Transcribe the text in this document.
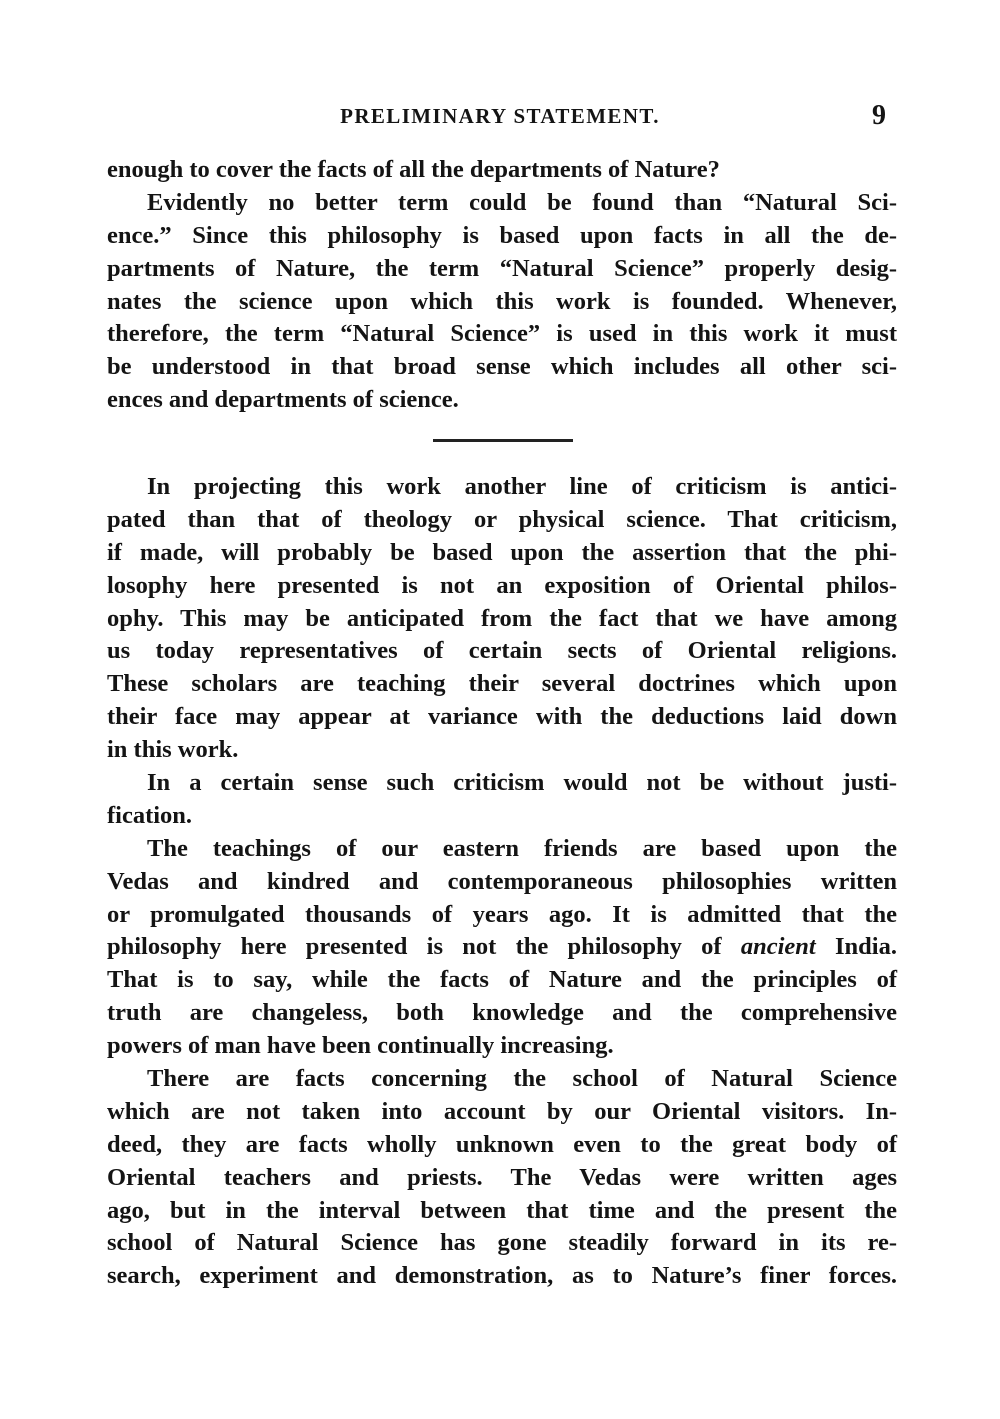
PRELIMINARY STATEMENT.	9
enough to cover the facts of all the departments of Nature?
Evidently no better term could be found than “Natural Sci-
ence.” Since this philosophy is based upon facts in all the de-
partments of Nature, the term “Natural Science” properly desig-
nates the science upon which this work is founded. Whenever,
therefore, the term “Natural Science” is used in this work it must
be understood in that broad sense which includes all other sci-
ences and departments of science.
In projecting this work another line of criticism is antici-
pated than that of theology or physical science. That criticism,
if made, will probably be based upon the assertion that the phi-
losophy here presented is not an exposition of Oriental philos-
ophy. This may be anticipated from the fact that we have among
us today representatives of certain sects of Oriental religions.
These scholars are teaching their several doctrines which upon
their face may appear at variance with the deductions laid down
in this work.
In a certain sense such criticism would not be without justi-
fication.
The teachings of our eastern friends are based upon the
Vedas and kindred and contemporaneous philosophies written
or promulgated thousands of years ago. It is admitted that the
philosophy here presented is not the philosophy of ancient India.
That is to say, while the facts of Nature and the principles of
truth are changeless, both knowledge and the comprehensive
powers of man have been continually increasing.
There are facts concerning the school of Natural Science
which are not taken into account by our Oriental visitors. In-
deed, they are facts wholly unknown even to the great body of
Oriental teachers and priests. The Vedas were written ages
ago, but in the interval between that time and the present the
school of Natural Science has gone steadily forward in its re-
search, experiment and demonstration, as to Nature’s finer forces.
